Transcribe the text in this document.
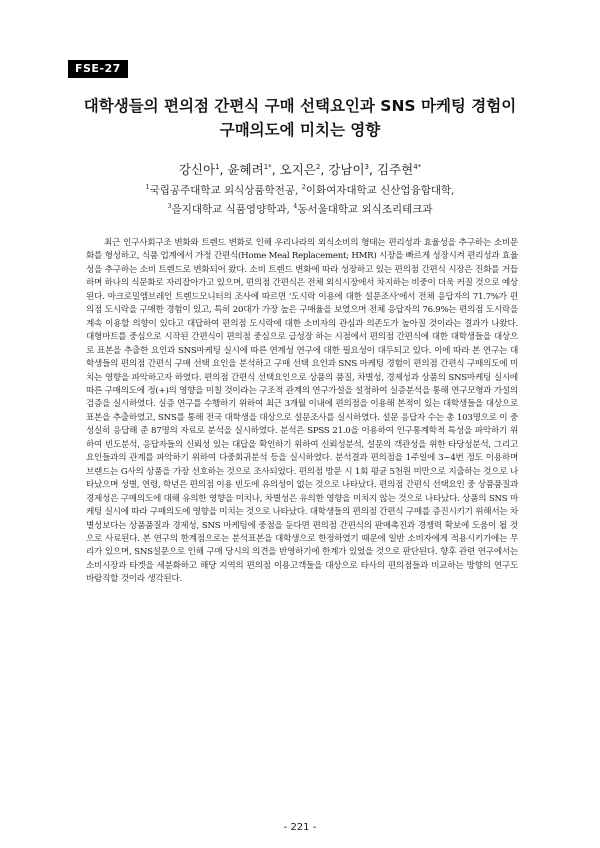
FSE-27
대학생들의 편의점 간편식 구매 선택요인과 SNS 마케팅 경험이
구매의도에 미치는 영향
강신아$^1$, 윤혜려$^{1*}$, 오지은$^2$, 강남이$^3$, 김주현$^{4*}$
$^1$국립공주대학교 외식상품학전공, $^2$이화여자대학교 신산업융합대학,
$^3$을지대학교 식품영양학과, $^4$동서울대학교 외식조리테크과

최근 인구사회구조 변화와 트렌드 변화로 인해 우리나라의 외식소비의 형태는 편리성과 효율성을 추구하는 소비문화를 형성하고, 식품 업계에서 가정 간편식(Home Meal Replacement; HMR) 시장을 빠르게 성장시켜 편리성과 효율성을 추구하는 소비 트렌드로 변화되어 왔다. 소비 트렌드 변화에 따라 성장하고 있는 편의점 간편식 시장은 진화를 거듭하며 하나의 식문화로 자리잡아가고 있으며, 편의점 간편식은 전체 외식시장에서 차지하는 비중이 더욱 커질 것으로 예상된다. 마크로밀엠브레인 트렌드모니터의 조사에 따르면 '도시락 이용에 대한 설문조사'에서 전체 응답자의 71.7%가 편의점 도시락을 구매한 경험이 있고, 특히 20대가 가장 높은 구매율을 보였으며 전체 응답자의 76.9%는 편의점 도시락을 계속 이용할 의향이 있다고 대답하여 편의점 도시락에 대한 소비자의 관심과 의존도가 높아질 것이라는 결과가 나왔다. 대형마트를 중심으로 시작된 간편식이 편의점 중심으로 급성장 하는 시점에서 편의점 간편식에 대한 대학생들을 대상으로 표본을 추출한 요인과 SNS마케팅 실시에 따른 연계성 연구에 대한 필요성이 대두되고 있다. 이에 따라 본 연구는 대학생들의 편의점 간편식 구매 선택 요인을 분석하고 구매 선택 요인과 SNS 마케팅 경험이 편의점 간편식 구매의도에 미치는 영향을 파악하고자 하였다. 편의점 간편식 선택요인으로 상품의 품질, 차별성, 경제성과 상품의 SNS마케팅 실시에 따른 구매의도에 정(+)의 영향을 미칠 것이라는 구조적 관계의 연구가설을 설정하여 실증분석을 통해 연구모형과 가설의 검증을 실시하였다. 실증 연구를 수행하기 위하여 최근 3개월 이내에 편의점을 이용해 본적이 있는 대학생들을 대상으로 표본을 추출하였고, SNS를 통해 전국 대학생을 대상으로 설문조사를 실시하였다. 설문 응답자 수는 총 103명으로 이 중 성실히 응답해 준 87명의 자료로 분석을 실시하였다. 분석은 SPSS 21.0을 이용하여 인구통계학적 특성을 파악하기 위하여 빈도분석, 응답자들의 신뢰성 있는 대답을 확인하기 위하여 신뢰성분석, 설문의 객관성을 위한 타당성분석, 그리고 요인들과의 관계를 파악하기 위하여 다중회귀분석 등을 실시하였다. 분석결과 편의점을 1주일에 3~4번 정도 이용하며 브랜드는 G사의 상품을 가장 선호하는 것으로 조사되었다. 편의점 방문 시 1회 평균 5천원 미만으로 지출하는 것으로 나타났으며 성별, 연령, 학년은 편의점 이용 빈도에 유의성이 없는 것으로 나타났다. 편의점 간편식 선택요인 중 상품품질과 경제성은 구매의도에 대해 유의한 영향을 미치나, 차별성은 유의한 영향을 미치지 않는 것으로 나타났다. 상품의 SNS 마케팅 실시에 따라 구매의도에 영향을 미치는 것으로 나타났다. 대학생들의 편의점 간편식 구매를 증진시키기 위해서는 차별성보다는 상품품질과 경제성, SNS 마케팅에 중점을 둔다면 편의점 간편식의 판매촉진과 경쟁력 확보에 도움이 될 것으로 사료된다. 본 연구의 한계점으로는 분석표본을 대학생으로 한정하였기 때문에 일반 소비자에게 적용시키기에는 무리가 있으며, SNS설문으로 인해 구매 당시의 의견을 반영하기에 한계가 있었을 것으로 판단된다. 향후 관련 연구에서는 소비시장과 타겟을 세분화하고 해당 지역의 편의점 이용고객들을 대상으로 타사의 편의점들과 비교하는 방향의 연구도 바람직할 것이라 생각된다.

- 221 -
